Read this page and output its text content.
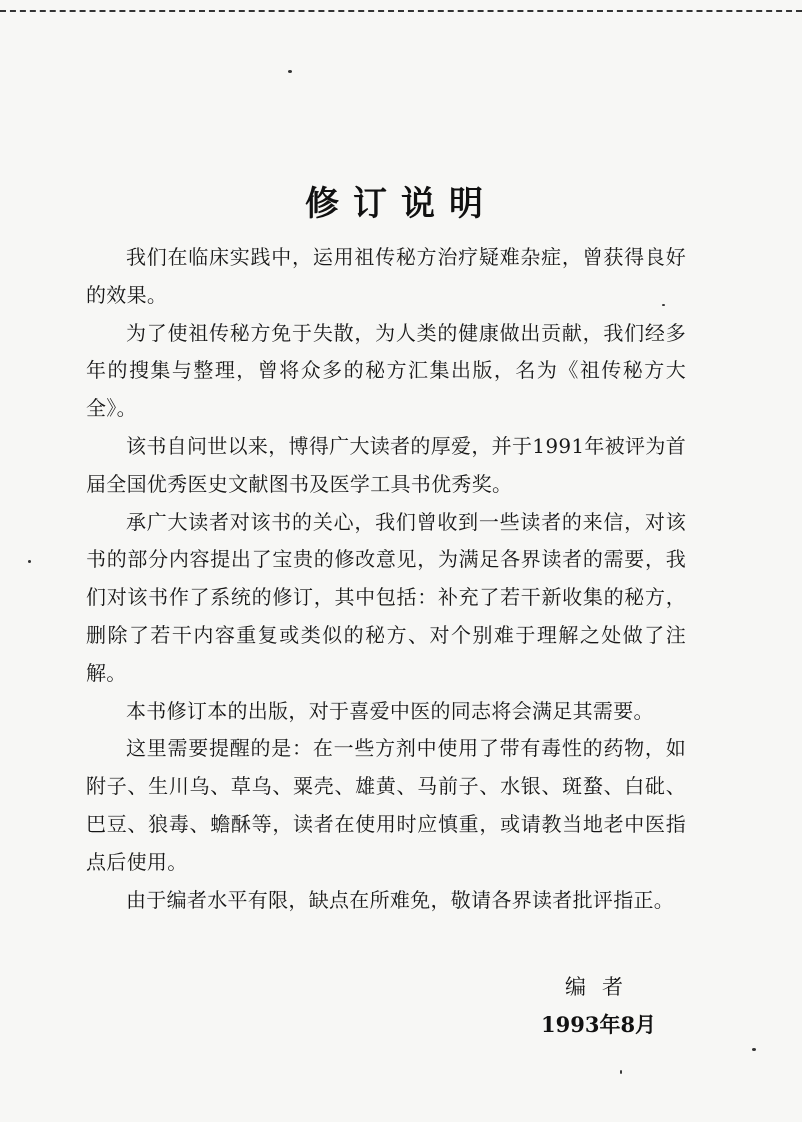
修订说明

我们在临床实践中，运用祖传秘方治疗疑难杂症，曾获得良好的效果。

为了使祖传秘方免于失散，为人类的健康做出贡献，我们经多年的搜集与整理，曾将众多的秘方汇集出版，名为《祖传秘方大全》。

该书自问世以来，博得广大读者的厚爱，并于1991年被评为首届全国优秀医史文献图书及医学工具书优秀奖。

承广大读者对该书的关心，我们曾收到一些读者的来信，对该书的部分内容提出了宝贵的修改意见，为满足各界读者的需要，我们对该书作了系统的修订，其中包括：补充了若干新收集的秘方，删除了若干内容重复或类似的秘方、对个别难于理解之处做了注解。

本书修订本的出版，对于喜爱中医的同志将会满足其需要。

这里需要提醒的是：在一些方剂中使用了带有毒性的药物，如附子、生川乌、草乌、粟壳、雄黄、马前子、水银、斑蝥、白砒、巴豆、狼毒、蟾酥等，读者在使用时应慎重，或请教当地老中医指点后使用。

由于编者水平有限，缺点在所难免，敬请各界读者批评指正。

编者
1993年8月
